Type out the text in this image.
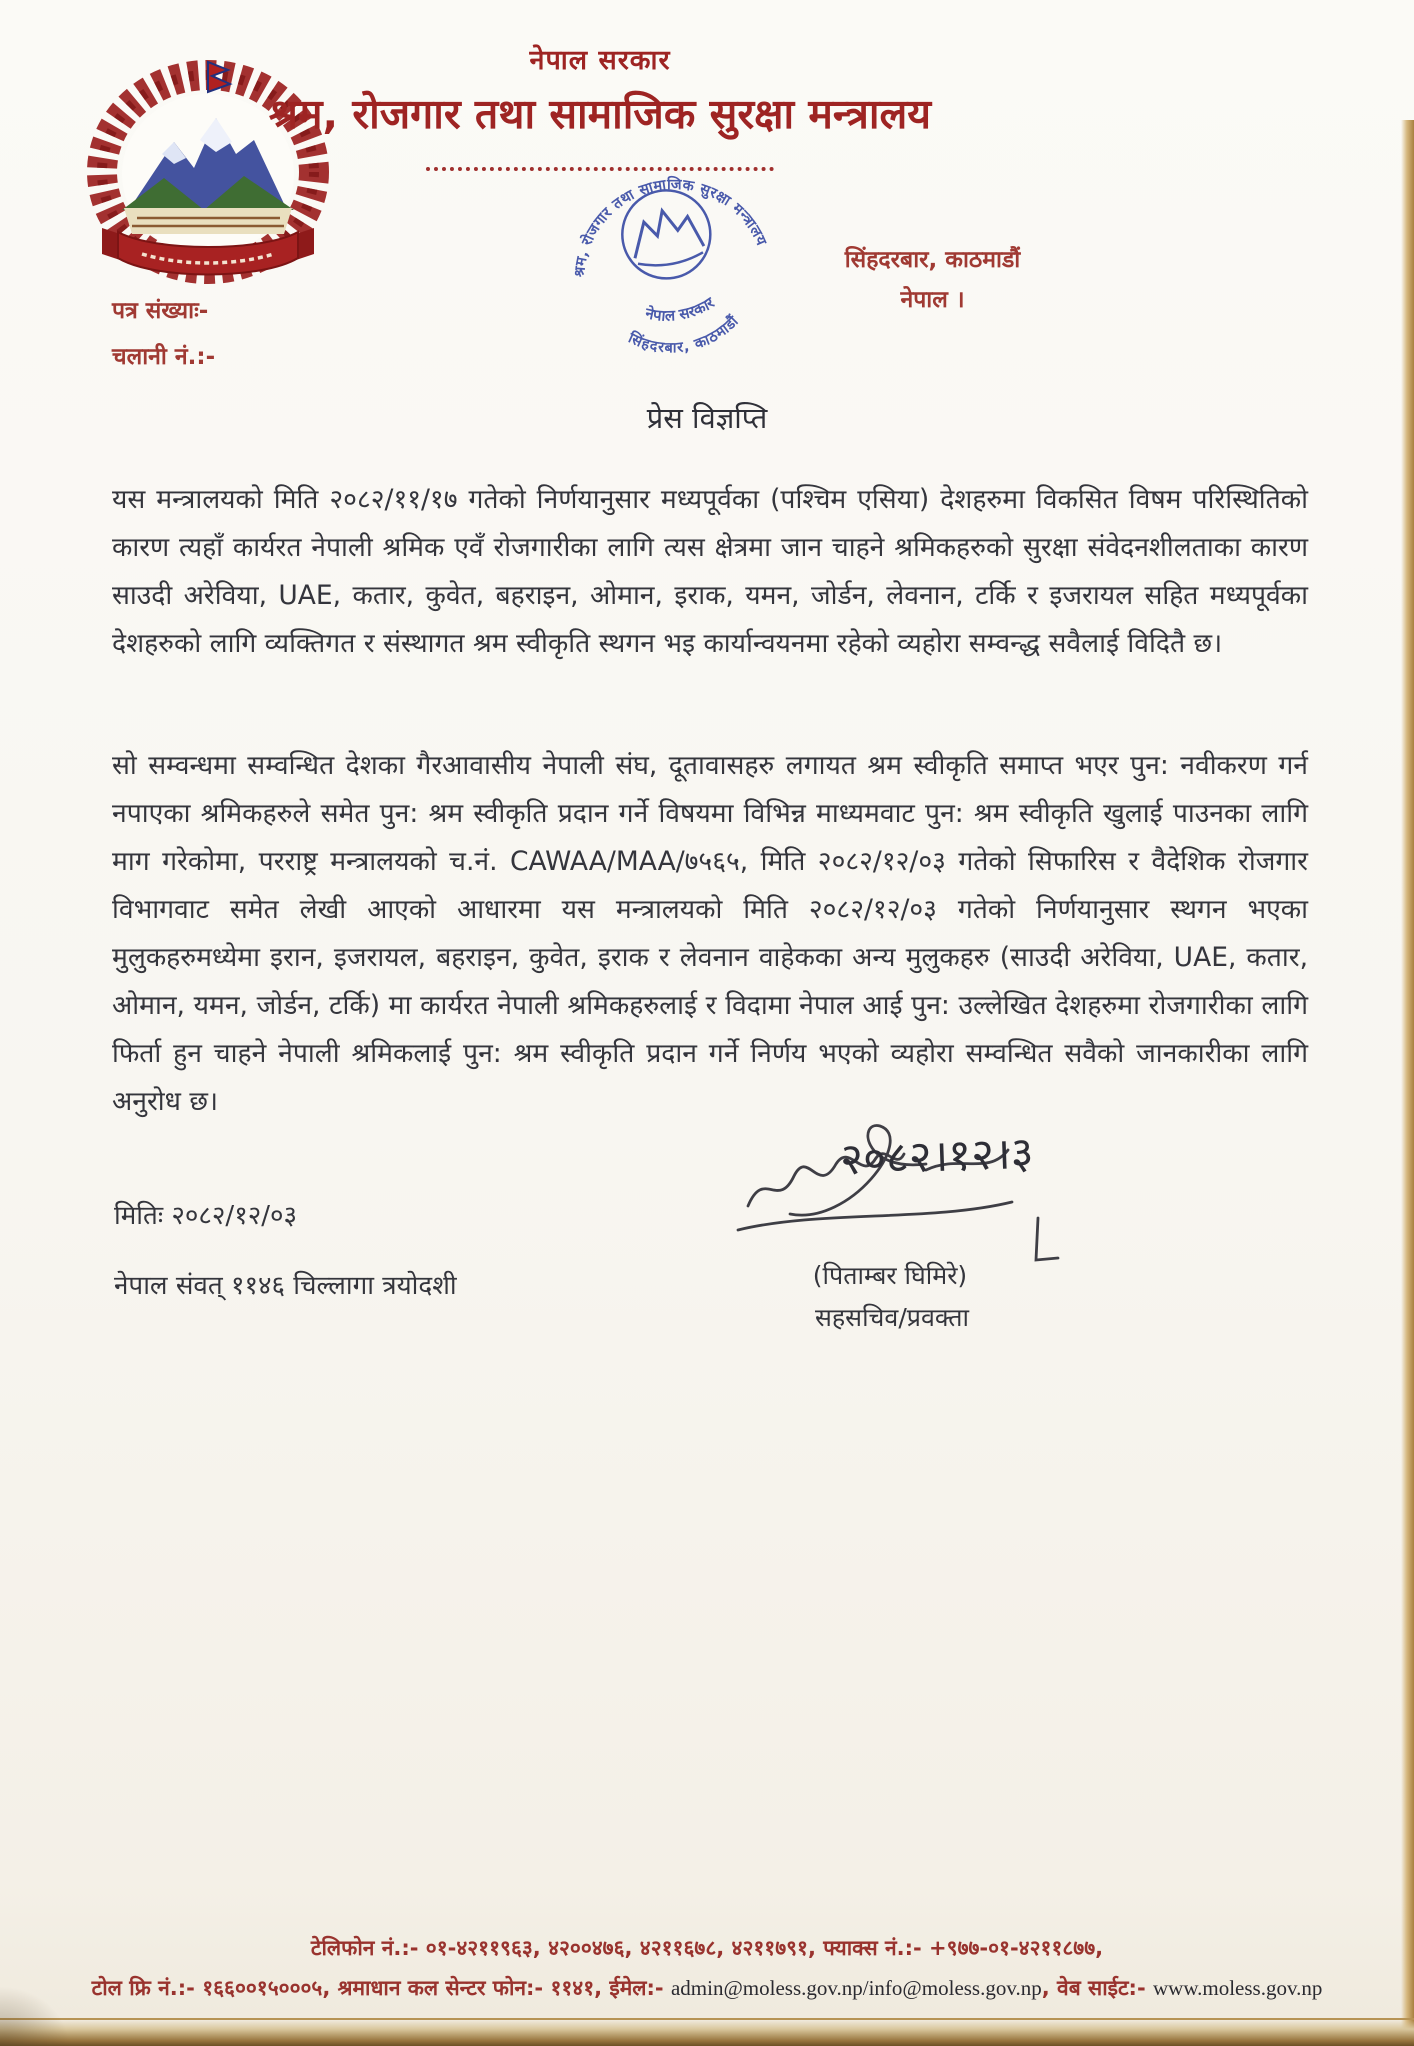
नेपाल सरकार
श्रम, रोजगार तथा सामाजिक सुरक्षा मन्त्रालय
श्रम, रोजगार तथा सामाजिक सुरक्षा मन्त्रालय
नेपाल सरकार
सिंहदरबार, काठमाडौं
सिंहदरबार, काठमाडौं
नेपाल ।
पत्र संख्याः-
चलानी नं.:-
प्रेस विज्ञप्ति
यस मन्त्रालयको मिति २०८२/११/१७ गतेको निर्णयानुसार मध्यपूर्वका (पश्चिम एसिया) देशहरुमा विकसित विषम परिस्थितिको कारण त्यहाँ कार्यरत नेपाली श्रमिक एवँ रोजगारीका लागि त्यस क्षेत्रमा जान चाहने श्रमिकहरुको सुरक्षा संवेदनशीलताका कारण साउदी अरेविया, UAE, कतार, कुवेत, बहराइन, ओमान, इराक, यमन, जोर्डन, लेवनान, टर्कि र इजरायल सहित मध्यपूर्वका देशहरुको लागि व्यक्तिगत र संस्थागत श्रम स्वीकृति स्थगन भइ कार्यान्वयनमा रहेको व्यहोरा सम्वन्द्ध सवैलाई विदितै छ।
सो सम्वन्धमा सम्वन्धित देशका गैरआवासीय नेपाली संघ, दूतावासहरु लगायत श्रम स्वीकृति समाप्त भएर पुन: नवीकरण गर्न नपाएका श्रमिकहरुले समेत पुन: श्रम स्वीकृति प्रदान गर्ने विषयमा विभिन्न माध्यमवाट पुन: श्रम स्वीकृति खुलाई पाउनका लागि माग गरेकोमा, परराष्ट्र मन्त्रालयको च.नं. CAWAA/MAA/७५६५, मिति २०८२/१२/०३ गतेको सिफारिस र वैदेशिक रोजगार विभागवाट समेत लेखी आएको आधारमा यस मन्त्रालयको मिति २०८२/१२/०३ गतेको निर्णयानुसार स्थगन भएका मुलुकहरुमध्येमा इरान, इजरायल, बहराइन, कुवेत, इराक र लेवनान वाहेकका अन्य मुलुकहरु (साउदी अरेविया, UAE, कतार, ओमान, यमन, जोर्डन, टर्कि) मा कार्यरत नेपाली श्रमिकहरुलाई र विदामा नेपाल आई पुन: उल्लेखित देशहरुमा रोजगारीका लागि फिर्ता हुन चाहने नेपाली श्रमिकलाई पुन: श्रम स्वीकृति प्रदान गर्ने निर्णय भएको व्यहोरा सम्वन्धित सवैको जानकारीका लागि अनुरोध छ।
मितिः २०८२/१२/०३
नेपाल संवत् ११४६ चिल्लागा त्रयोदशी
२०८२।१२।३
(पिताम्बर घिमिरे)
सहसचिव/प्रवक्ता
टेलिफोन नं.:- ०१-४२११९६३, ४२००४७६, ४२११६७८, ४२११७९१, फ्याक्स नं.:- +९७७-०१-४२११८७७,
टोल फ्रि नं.:- १६६००१५०००५, श्रमाधान कल सेन्टर फोन:- ११४१, ईमेल:- admin@moless.gov.np/info@moless.gov.np, वेब साईट:- www.moless.gov.np
